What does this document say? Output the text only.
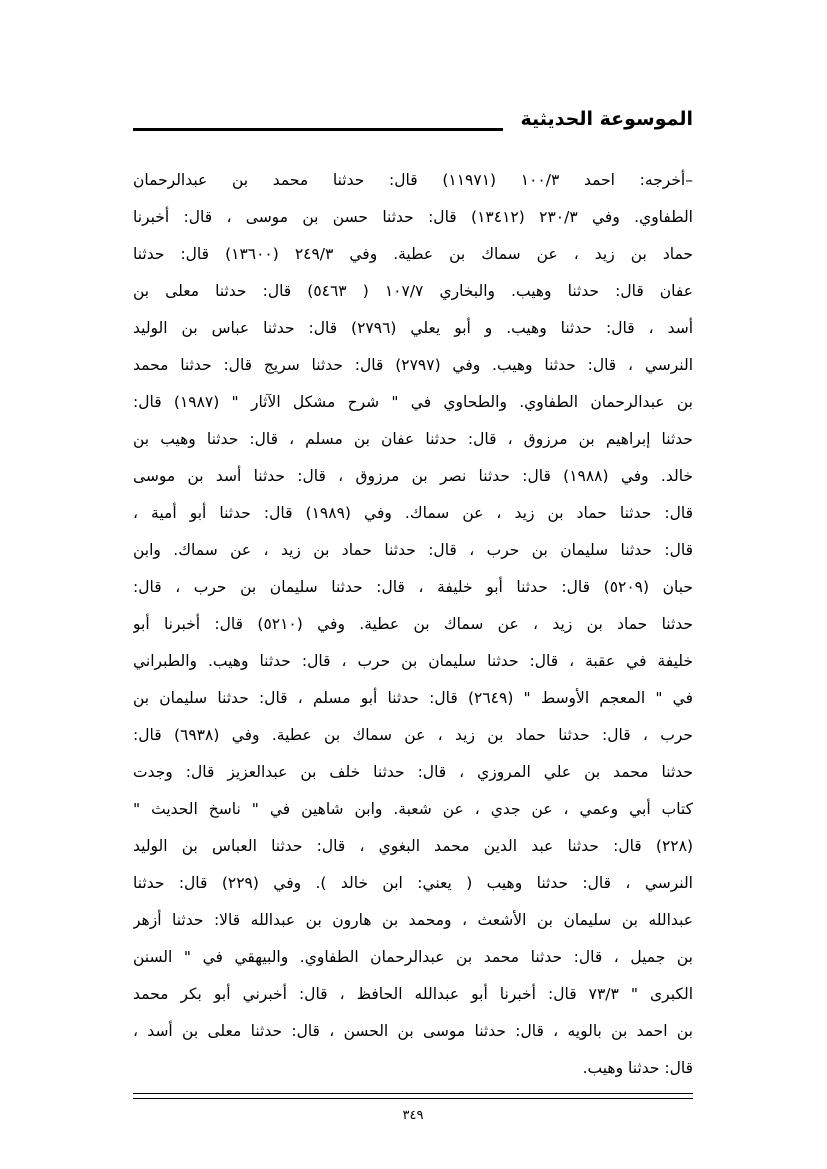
الموسوعة الحديثية

–أخرجه: احمد ١٠٠/٣ (١١٩٧١) قال: حدثنا محمد بن عبدالرحمان

الطفاوي. وفي ٢٣٠/٣ (١٣٤١٢) قال: حدثنا حسن بن موسى ، قال: أخبرنا

حماد بن زيد ، عن سماك بن عطية. وفي ٢٤٩/٣ (١٣٦٠٠) قال: حدثنا

عفان قال: حدثنا وهيب. والبخاري ١٠٧/٧ ( ٥٤٦٣) قال: حدثنا معلى بن

أسد ، قال: حدثنا وهيب. و أبو يعلي (٢٧٩٦) قال: حدثنا عباس بن الوليد

النرسي ، قال: حدثنا وهيب. وفي (٢٧٩٧) قال: حدثنا سريج قال: حدثنا محمد

بن عبدالرحمان الطفاوي. والطحاوي في " شرح مشكل الآثار " (١٩٨٧) قال:

حدثنا إبراهيم بن مرزوق ، قال: حدثنا عفان بن مسلم ، قال: حدثنا وهيب بن

خالد. وفي (١٩٨٨) قال: حدثنا نصر بن مرزوق ، قال: حدثنا أسد بن موسى

قال: حدثنا حماد بن زيد ، عن سماك. وفي (١٩٨٩) قال: حدثنا أبو أمية ،

قال: حدثنا سليمان بن حرب ، قال: حدثنا حماد بن زيد ، عن سماك. وابن

حبان (٥٢٠٩) قال: حدثنا أبو خليفة ، قال: حدثنا سليمان بن حرب ، قال:

حدثنا حماد بن زيد ، عن سماك بن عطية. وفي (٥٢١٠) قال: أخبرنا أبو

خليفة في عقبة ، قال: حدثنا سليمان بن حرب ، قال: حدثنا وهيب. والطبراني

في " المعجم الأوسط " (٢٦٤٩) قال: حدثنا أبو مسلم ، قال: حدثنا سليمان بن

حرب ، قال: حدثنا حماد بن زيد ، عن سماك بن عطية. وفي (٦٩٣٨) قال:

حدثنا محمد بن علي المروزي ، قال: حدثنا خلف بن عبدالعزيز قال: وجدت

كتاب أبي وعمي ، عن جدي ، عن شعبة. وابن شاهين في " ناسخ الحديث "

(٢٢٨) قال: حدثنا عبد الدين محمد البغوي ، قال: حدثنا العباس بن الوليد

النرسي ، قال: حدثنا وهيب ( يعني: ابن خالد ). وفي (٢٢٩) قال: حدثنا

عبدالله بن سليمان بن الأشعث ، ومحمد بن هارون بن عبدالله قالا: حدثنا أزهر

بن جميل ، قال: حدثنا محمد بن عبدالرحمان الطفاوي. والبيهقي في " السنن

الكبرى " ٧٣/٣ قال: أخبرنا أبو عبدالله الحافظ ، قال: أخبرني أبو بكر محمد

بن احمد بن بالويه ، قال: حدثنا موسى بن الحسن ، قال: حدثنا معلى بن أسد ،

قال: حدثنا وهيب.

٣٤٩
